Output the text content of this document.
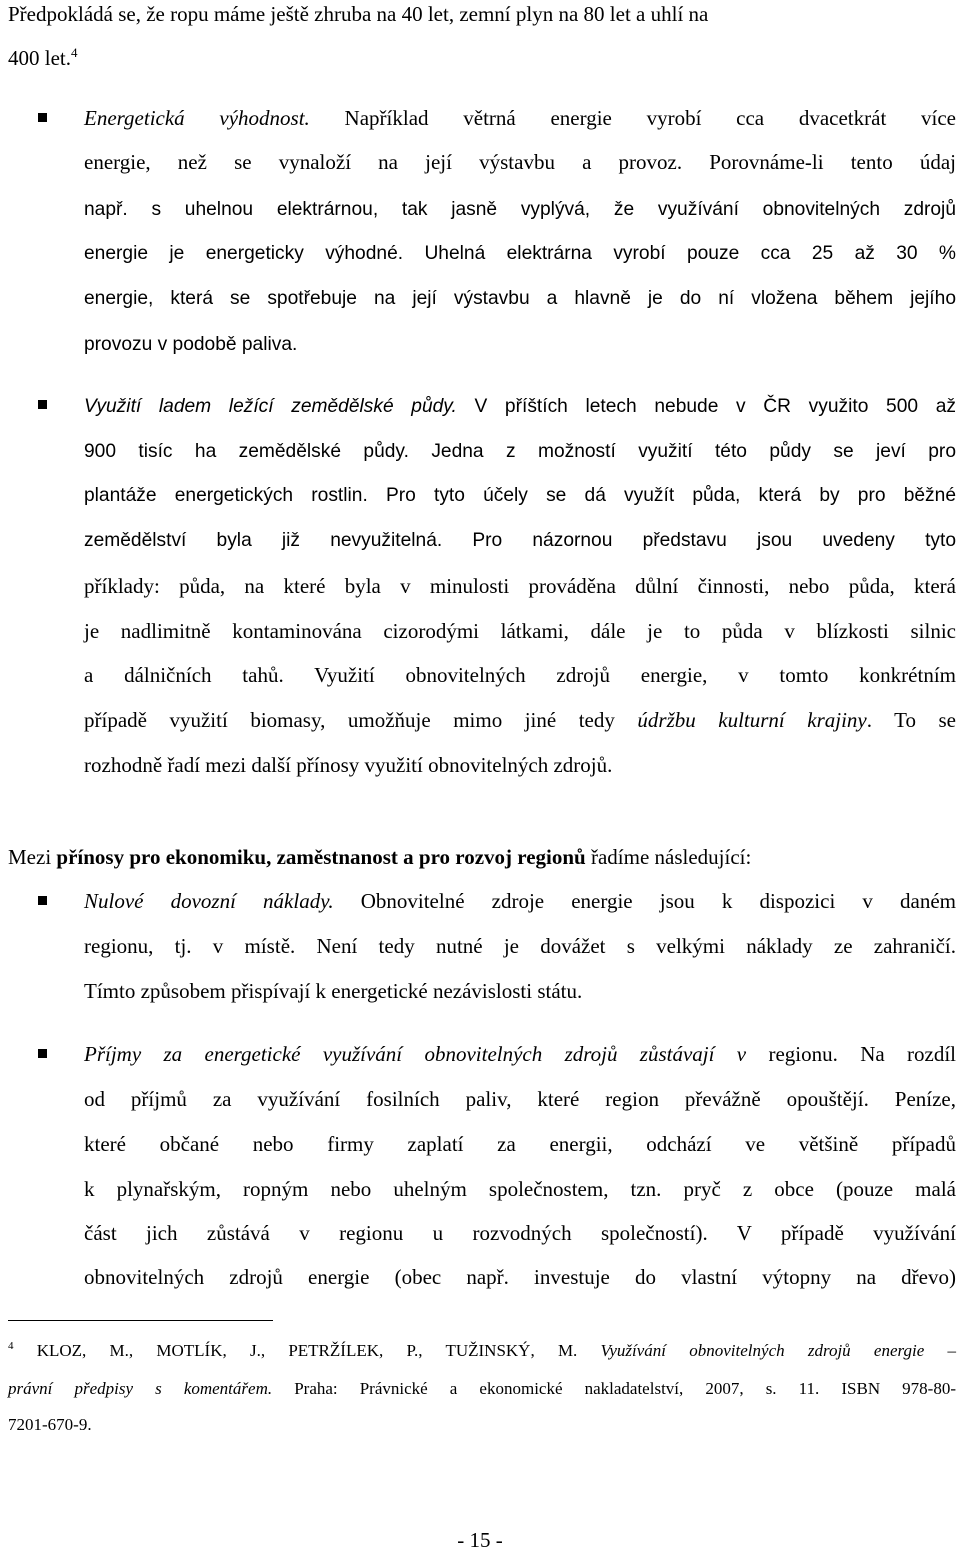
Předpokládá se, že ropu máme ještě zhruba na 40 let, zemní plyn na 80 let a uhlí na
400 let.$^4$
Energetická výhodnost. Například větrná energie vyrobí cca dvacetkrát více
energie, než se vynaloží na její výstavbu a provoz. Porovnáme-li tento údaj
např. s uhelnou elektrárnou, tak jasně vyplývá, že využívání obnovitelných zdrojů
energie je energeticky výhodné. Uhelná elektrárna vyrobí pouze cca 25 až 30 %
energie, která se spotřebuje na její výstavbu a hlavně je do ní vložena během jejího
provozu v podobě paliva.
Využití ladem ležící zemědělské půdy. V příštích letech nebude v ČR využito 500 až
900 tisíc ha zemědělské půdy. Jedna z možností využití této půdy se jeví pro
plantáže energetických rostlin. Pro tyto účely se dá využít půda, která by pro běžné
zemědělství byla již nevyužitelná. Pro názornou představu jsou uvedeny tyto
příklady: půda, na které byla v minulosti prováděna důlní činnosti, nebo půda, která
je nadlimitně kontaminována cizorodými látkami, dále je to půda v blízkosti silnic
a dálničních tahů. Využití obnovitelných zdrojů energie, v tomto konkrétním
případě využití biomasy, umožňuje mimo jiné tedy údržbu kulturní krajiny. To se
rozhodně řadí mezi další přínosy využití obnovitelných zdrojů.
Mezi přínosy pro ekonomiku, zaměstnanost a pro rozvoj regionů řadíme následující:
Nulové dovozní náklady. Obnovitelné zdroje energie jsou k dispozici v daném
regionu, tj. v místě. Není tedy nutné je dovážet s velkými náklady ze zahraničí.
Tímto způsobem přispívají k energetické nezávislosti státu.
Příjmy za energetické využívání obnovitelných zdrojů zůstávají v regionu. Na rozdíl
od příjmů za využívání fosilních paliv, které region převážně opouštějí. Peníze,
které občané nebo firmy zaplatí za energii, odchází ve většině případů
k plynařským, ropným nebo uhelným společnostem, tzn. pryč z obce (pouze malá
část jich zůstává v regionu u rozvodných společností). V případě využívání
obnovitelných zdrojů energie (obec např. investuje do vlastní výtopny na dřevo)
$^4$ KLOZ, M., MOTLÍK, J., PETRŽÍLEK, P., TUŽINSKÝ, M. Využívání obnovitelných zdrojů energie –
právní předpisy s komentářem. Praha: Právnické a ekonomické nakladatelství, 2007, s. 11. ISBN 978-80-
7201-670-9.
- 15 -
